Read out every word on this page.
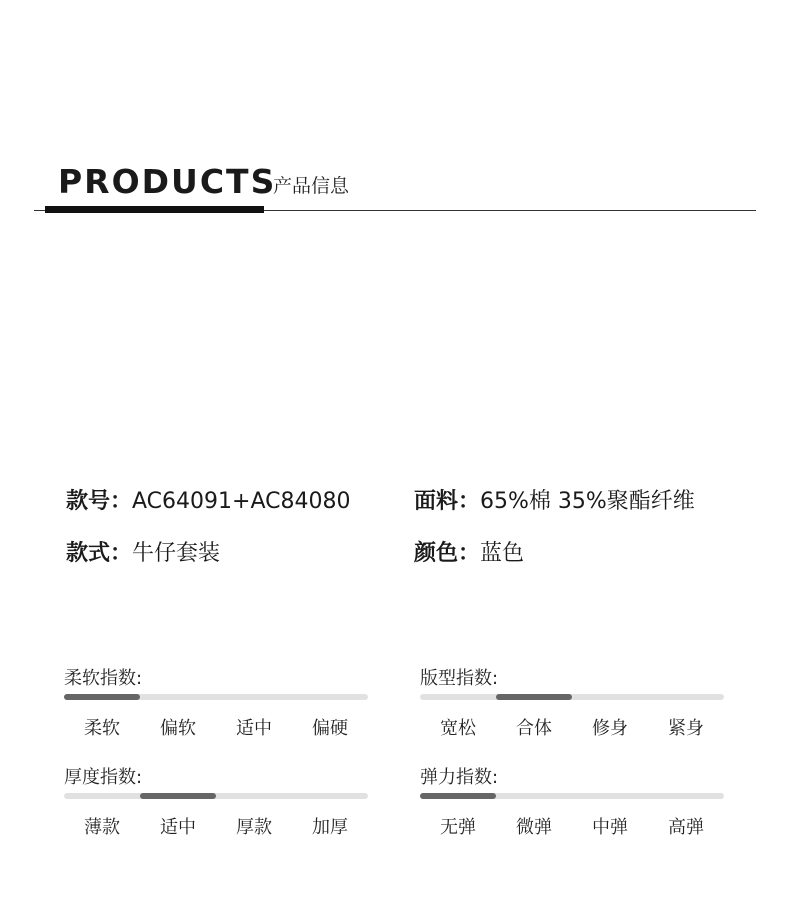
PRODUCTS
产品信息
款号：AC64091+AC84080	面料：65%棉 35%聚酯纤维
款式：牛仔套装	颜色：蓝色
柔软指数:
柔软	偏软	适中	偏硬
版型指数:
宽松	合体	修身	紧身
厚度指数:
薄款	适中	厚款	加厚
弹力指数:
无弹	微弹	中弹	高弹
